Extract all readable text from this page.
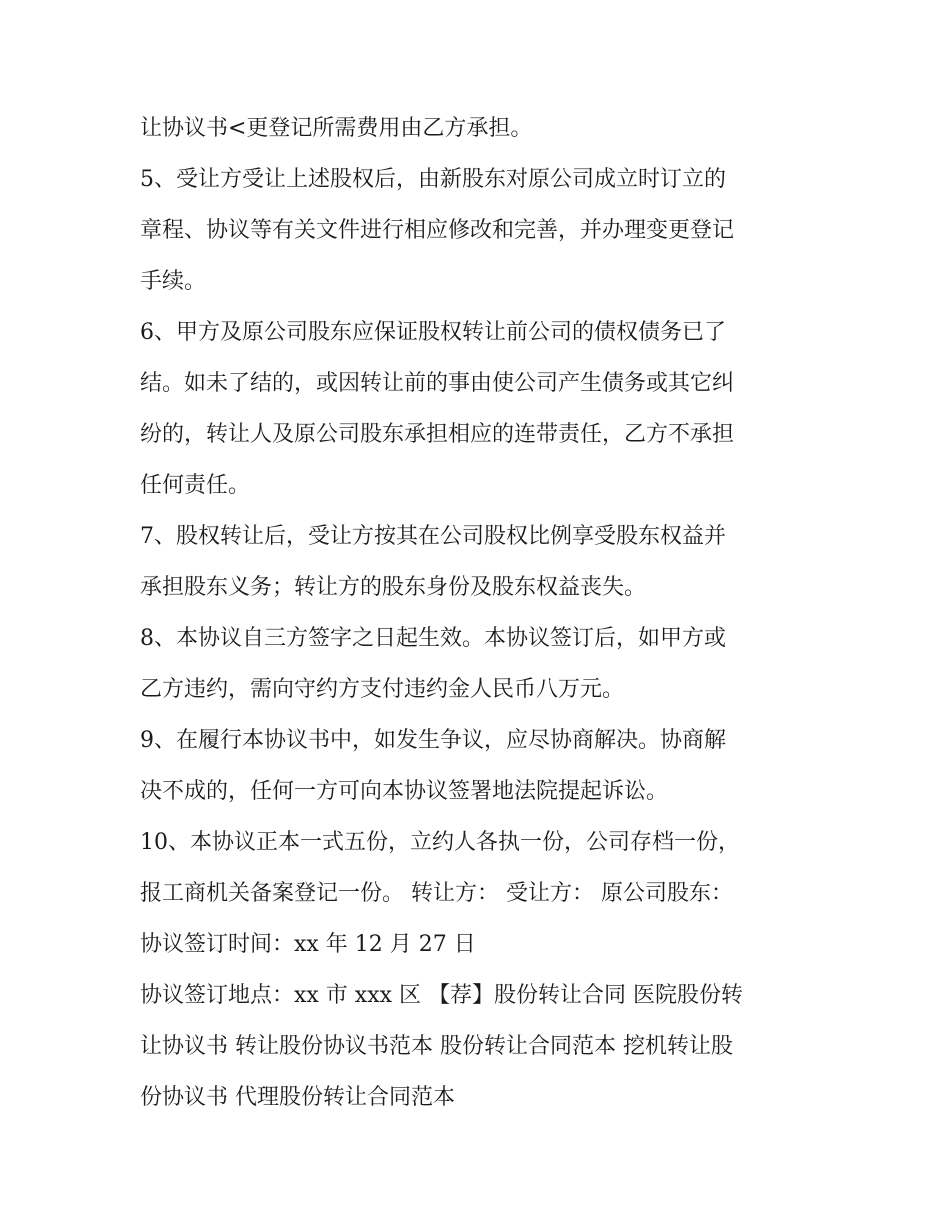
让协议书<更登记所需费用由乙方承担。
5、受让方受让上述股权后，由新股东对原公司成立时订立的
章程、协议等有关文件进行相应修改和完善，并办理变更登记
手续。
6、甲方及原公司股东应保证股权转让前公司的债权债务已了
结。如未了结的，或因转让前的事由使公司产生债务或其它纠
纷的，转让人及原公司股东承担相应的连带责任，乙方不承担
任何责任。
7、股权转让后，受让方按其在公司股权比例享受股东权益并
承担股东义务；转让方的股东身份及股东权益丧失。
8、本协议自三方签字之日起生效。本协议签订后，如甲方或
乙方违约，需向守约方支付违约金人民币八万元。
9、在履行本协议书中，如发生争议，应尽协商解决。协商解
决不成的，任何一方可向本协议签署地法院提起诉讼。
10、本协议正本一式五份，立约人各执一份，公司存档一份，
报工商机关备案登记一份。 转让方： 受让方： 原公司股东：
协议签订时间：xx 年 12 月 27 日
协议签订地点：xx 市 xxx 区 【荐】股份转让合同 医院股份转
让协议书 转让股份协议书范本 股份转让合同范本 挖机转让股
份协议书 代理股份转让合同范本
